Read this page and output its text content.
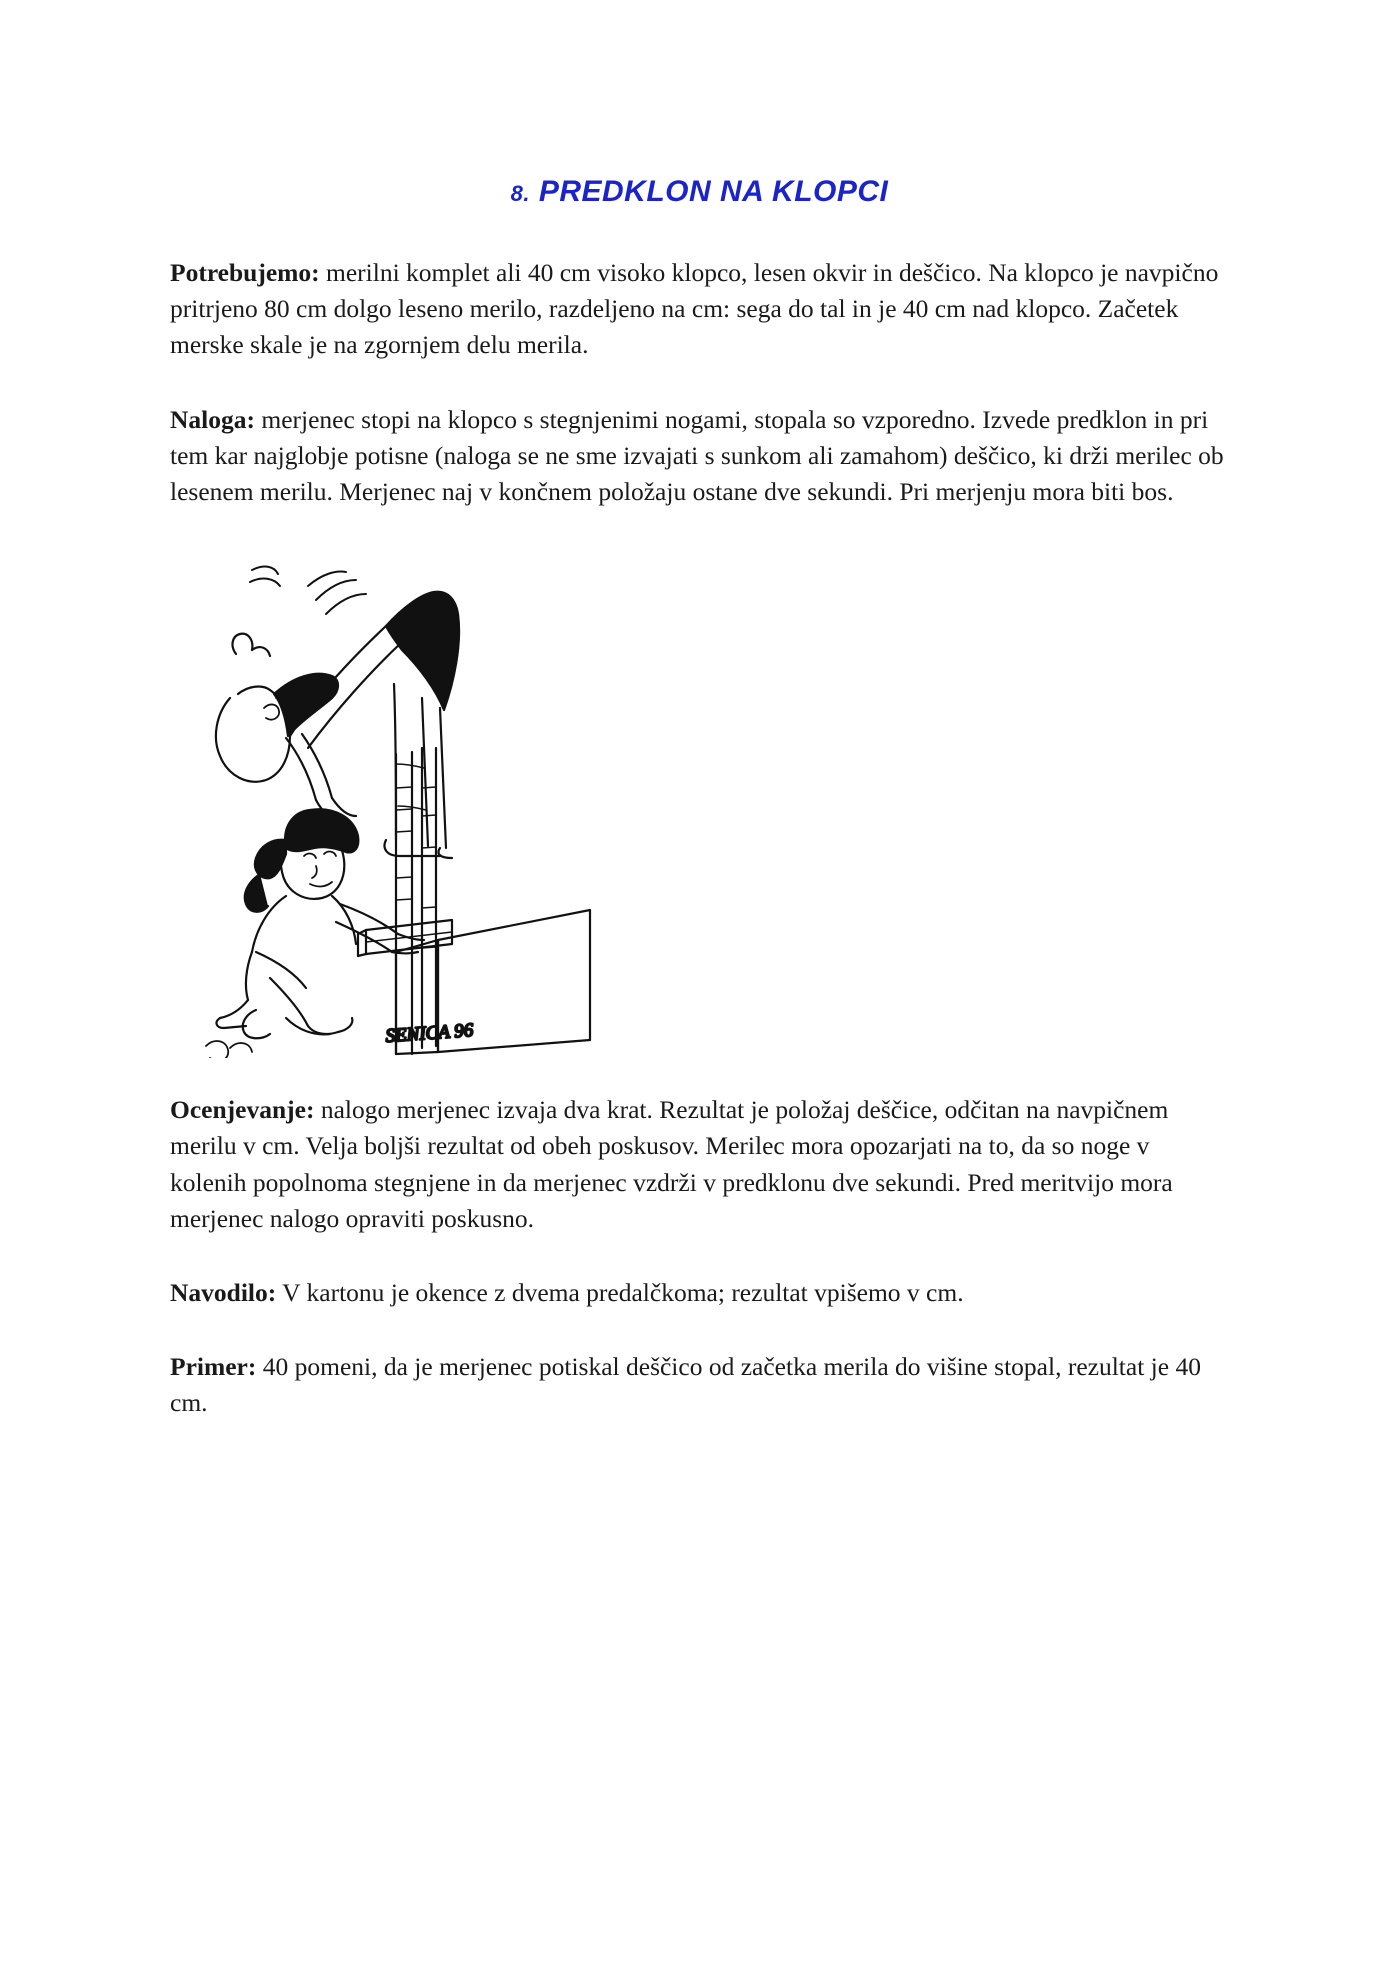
8. PREDKLON NA KLOPCI

Potrebujemo: merilni komplet ali 40 cm visoko klopco, lesen okvir in deščico. Na klopco je navpično pritrjeno 80 cm dolgo leseno merilo, razdeljeno na cm: sega do tal in je 40 cm nad klopco. Začetek merske skale je na zgornjem delu merila.

Naloga: merjenec stopi na klopco s stegnjenimi nogami, stopala so vzporedno. Izvede predklon in pri tem kar najglobje potisne (naloga se ne sme izvajati s sunkom ali zamahom) deščico, ki drži merilec ob lesenem merilu. Merjenec naj v končnem položaju ostane dve sekundi. Pri merjenju mora biti bos.

SENICA 96

Ocenjevanje: nalogo merjenec izvaja dva krat. Rezultat je položaj deščice, odčitan na navpičnem merilu v cm. Velja boljši rezultat od obeh poskusov. Merilec mora opozarjati na to, da so noge v kolenih popolnoma stegnjene in da merjenec vzdrži v predklonu dve sekundi. Pred meritvijo mora merjenec nalogo opraviti poskusno.

Navodilo: V kartonu je okence z dvema predalčkoma; rezultat vpišemo v cm.

Primer: 40 pomeni, da je merjenec potiskal deščico od začetka merila do višine stopal, rezultat je 40 cm.
